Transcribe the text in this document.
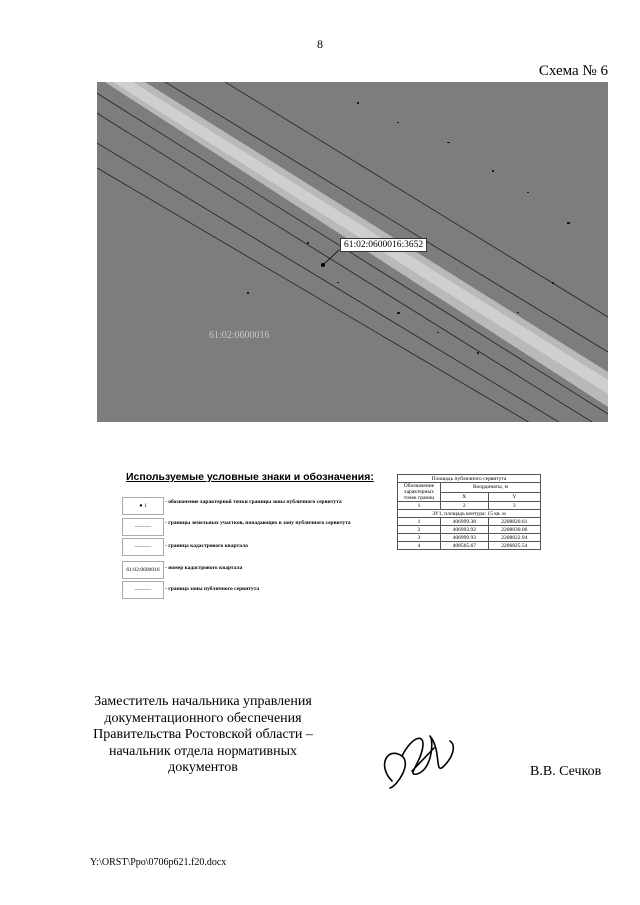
8
Схема № 6
61:02:0600016:3652
61:02:0600016
Используемые условные знаки и обозначения:
● 1
- обозначение характерной точки границы зоны публичного сервитута
———
- границы земельных участков, попадающих в зону публичного сервитута
———	- граница кадастрового квартала
61:02:0600016 - номер кадастрового квартала
———	- граница зоны публичного сервитута
Площадь публичного сервитута		
Обозначение характерных точек границ	Координаты, м	
	X	Y
1	2	3
ЗУ1, площадь контура: 15 кв. м		
1	406999.38	2208820.61
2	406993.92	2208830.06
3	406999.93	2208822.94
4	408565.67	2206825.54
Заместитель начальника управления документационного обеспечения Правительства Ростовской области – начальник отдела нормативных документов	В.В. Сечков
Y:\ORST\Ppo\0706p621.f20.docx
